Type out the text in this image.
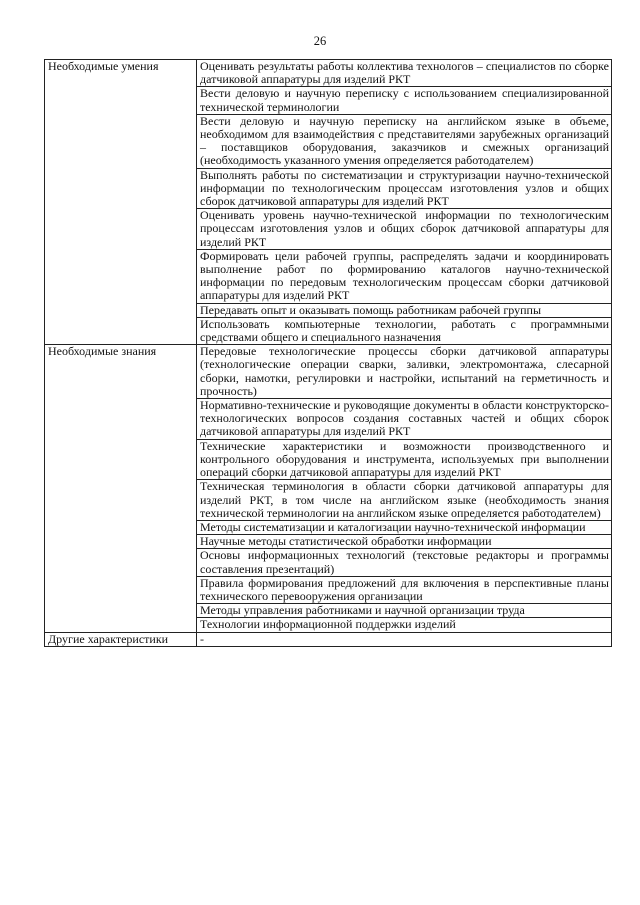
26
Необходимые умения	Оценивать результаты работы коллектива технологов – специалистов по сборке датчиковой аппаратуры для изделий РКТ
	Вести деловую и научную переписку с использованием специализированной технической терминологии
	Вести деловую и научную переписку на английском языке в объеме, необходимом для взаимодействия с представителями зарубежных организаций – поставщиков оборудования, заказчиков и смежных организаций (необходимость указанного умения определяется работодателем)
	Выполнять работы по систематизации и структуризации научно-технической информации по технологическим процессам изготовления узлов и общих сборок датчиковой аппаратуры для изделий РКТ
	Оценивать уровень научно-технической информации по технологическим процессам изготовления узлов и общих сборок датчиковой аппаратуры для изделий РКТ
	Формировать цели рабочей группы, распределять задачи и координировать выполнение работ по формированию каталогов научно-технической информации по передовым технологическим процессам сборки датчиковой аппаратуры для изделий РКТ
	Передавать опыт и оказывать помощь работникам рабочей группы
	Использовать компьютерные технологии, работать с программными средствами общего и специального назначения
Необходимые знания	Передовые технологические процессы сборки датчиковой аппаратуры (технологические операции сварки, заливки, электромонтажа, слесарной сборки, намотки, регулировки и настройки, испытаний на герметичность и прочность)
	Нормативно-технические и руководящие документы в области конструкторско-технологических вопросов создания составных частей и общих сборок датчиковой аппаратуры для изделий РКТ
	Технические характеристики и возможности производственного и контрольного оборудования и инструмента, используемых при выполнении операций сборки датчиковой аппаратуры для изделий РКТ
	Техническая терминология в области сборки датчиковой аппаратуры для изделий РКТ, в том числе на английском языке (необходимость знания технической терминологии на английском языке определяется работодателем)
	Методы систематизации и каталогизации научно-технической информации
	Научные методы статистической обработки информации
	Основы информационных технологий (текстовые редакторы и программы составления презентаций)
	Правила формирования предложений для включения в перспективные планы технического перевооружения организации
	Методы управления работниками и научной организации труда
	Технологии информационной поддержки изделий
Другие характеристики	-
